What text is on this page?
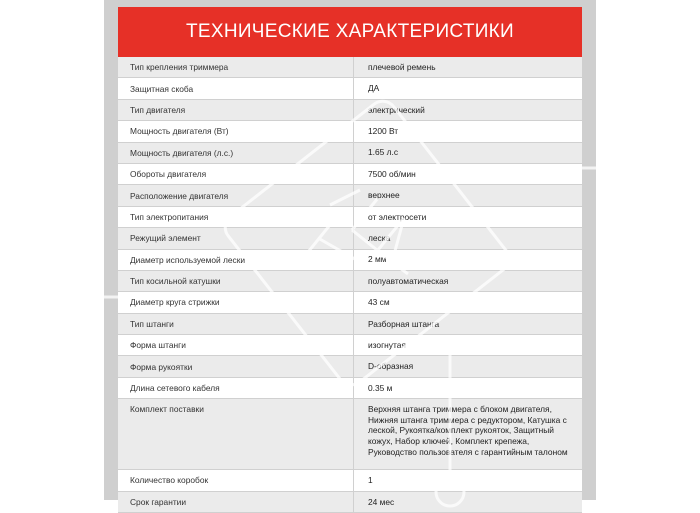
ТЕХНИЧЕСКИЕ ХАРАКТЕРИСТИКИ
Тип крепления триммера	плечевой ремень
Защитная скоба	ДА
Тип двигателя	электрический
Мощность двигателя (Вт)	1200 Вт
Мощность двигателя (л.с.)	1.65 л.с
Обороты двигателя	7500 об/мин
Расположение двигателя	верхнее
Тип электропитания	от электросети
Режущий элемент	леска
Диаметр используемой лески	2 мм
Тип косильной катушки	полуавтоматическая
Диаметр круга стрижки	43 см
Тип штанги	Разборная штанга
Форма штанги	изогнутая
Форма рукоятки	D-образная
Длина сетевого кабеля	0.35 м
Комплект поставки	Верхняя штанга триммера с блоком двигателя, Нижняя штанга триммера с редуктором, Катушка с леской, Рукоятка/комплект рукояток, Защитный кожух, Набор ключей, Комплект крепежа, Руководство пользователя с гарантийным талоном
Количество коробок	1
Срок гарантии	24 мес
